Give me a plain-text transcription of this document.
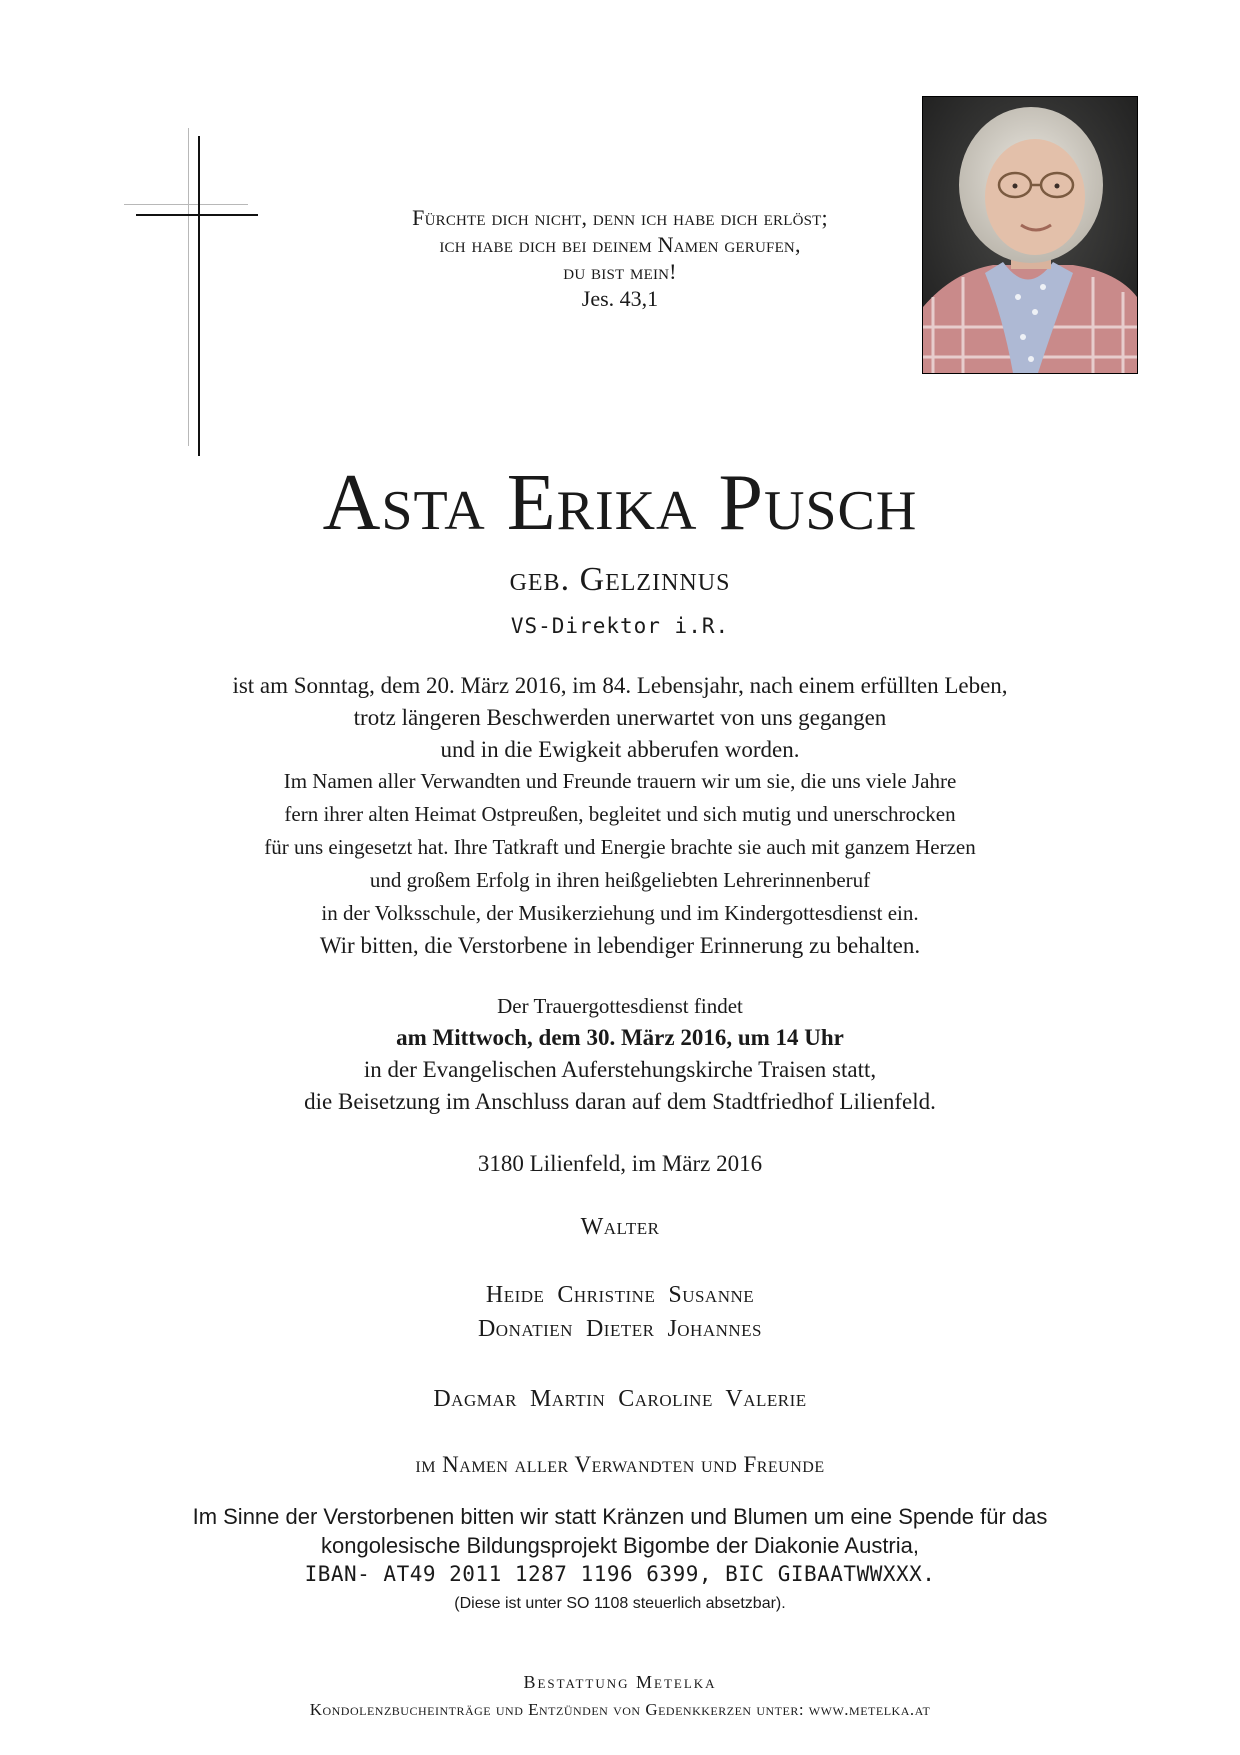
Fürchte dich nicht, denn ich habe dich erlöst;
ich habe dich bei deinem Namen gerufen,
du bist mein!
Jes. 43,1
Asta Erika Pusch
geb. Gelzinnus
VS-Direktor i.R.
ist am Sonntag, dem 20. März 2016, im 84. Lebensjahr, nach einem erfüllten Leben,
trotz längeren Beschwerden unerwartet von uns gegangen
und in die Ewigkeit abberufen worden.
Im Namen aller Verwandten und Freunde trauern wir um sie, die uns viele Jahre
fern ihrer alten Heimat Ostpreußen, begleitet und sich mutig und unerschrocken
für uns eingesetzt hat. Ihre Tatkraft und Energie brachte sie auch mit ganzem Herzen
und großem Erfolg in ihren heißgeliebten Lehrerinnenberuf
in der Volksschule, der Musikerziehung und im Kindergottesdienst ein.
Wir bitten, die Verstorbene in lebendiger Erinnerung zu behalten.
Der Trauergottesdienst findet
am Mittwoch, dem 30. März 2016, um 14 Uhr
in der Evangelischen Auferstehungskirche Traisen statt,
die Beisetzung im Anschluss daran auf dem Stadtfriedhof Lilienfeld.
3180 Lilienfeld, im März 2016
Walter
Heide  Christine  Susanne
Donatien  Dieter  Johannes
Dagmar  Martin  Caroline  Valerie
im Namen aller Verwandten und Freunde
Im Sinne der Verstorbenen bitten wir statt Kränzen und Blumen um eine Spende für das
kongolesische Bildungsprojekt Bigombe der Diakonie Austria,
IBAN- AT49 2011 1287 1196 6399, BIC GIBAATWWXXX.
(Diese ist unter SO 1108 steuerlich absetzbar).
Bestattung Metelka
Kondolenzbucheinträge und Entzünden von Gedenkkerzen unter: www.metelka.at
